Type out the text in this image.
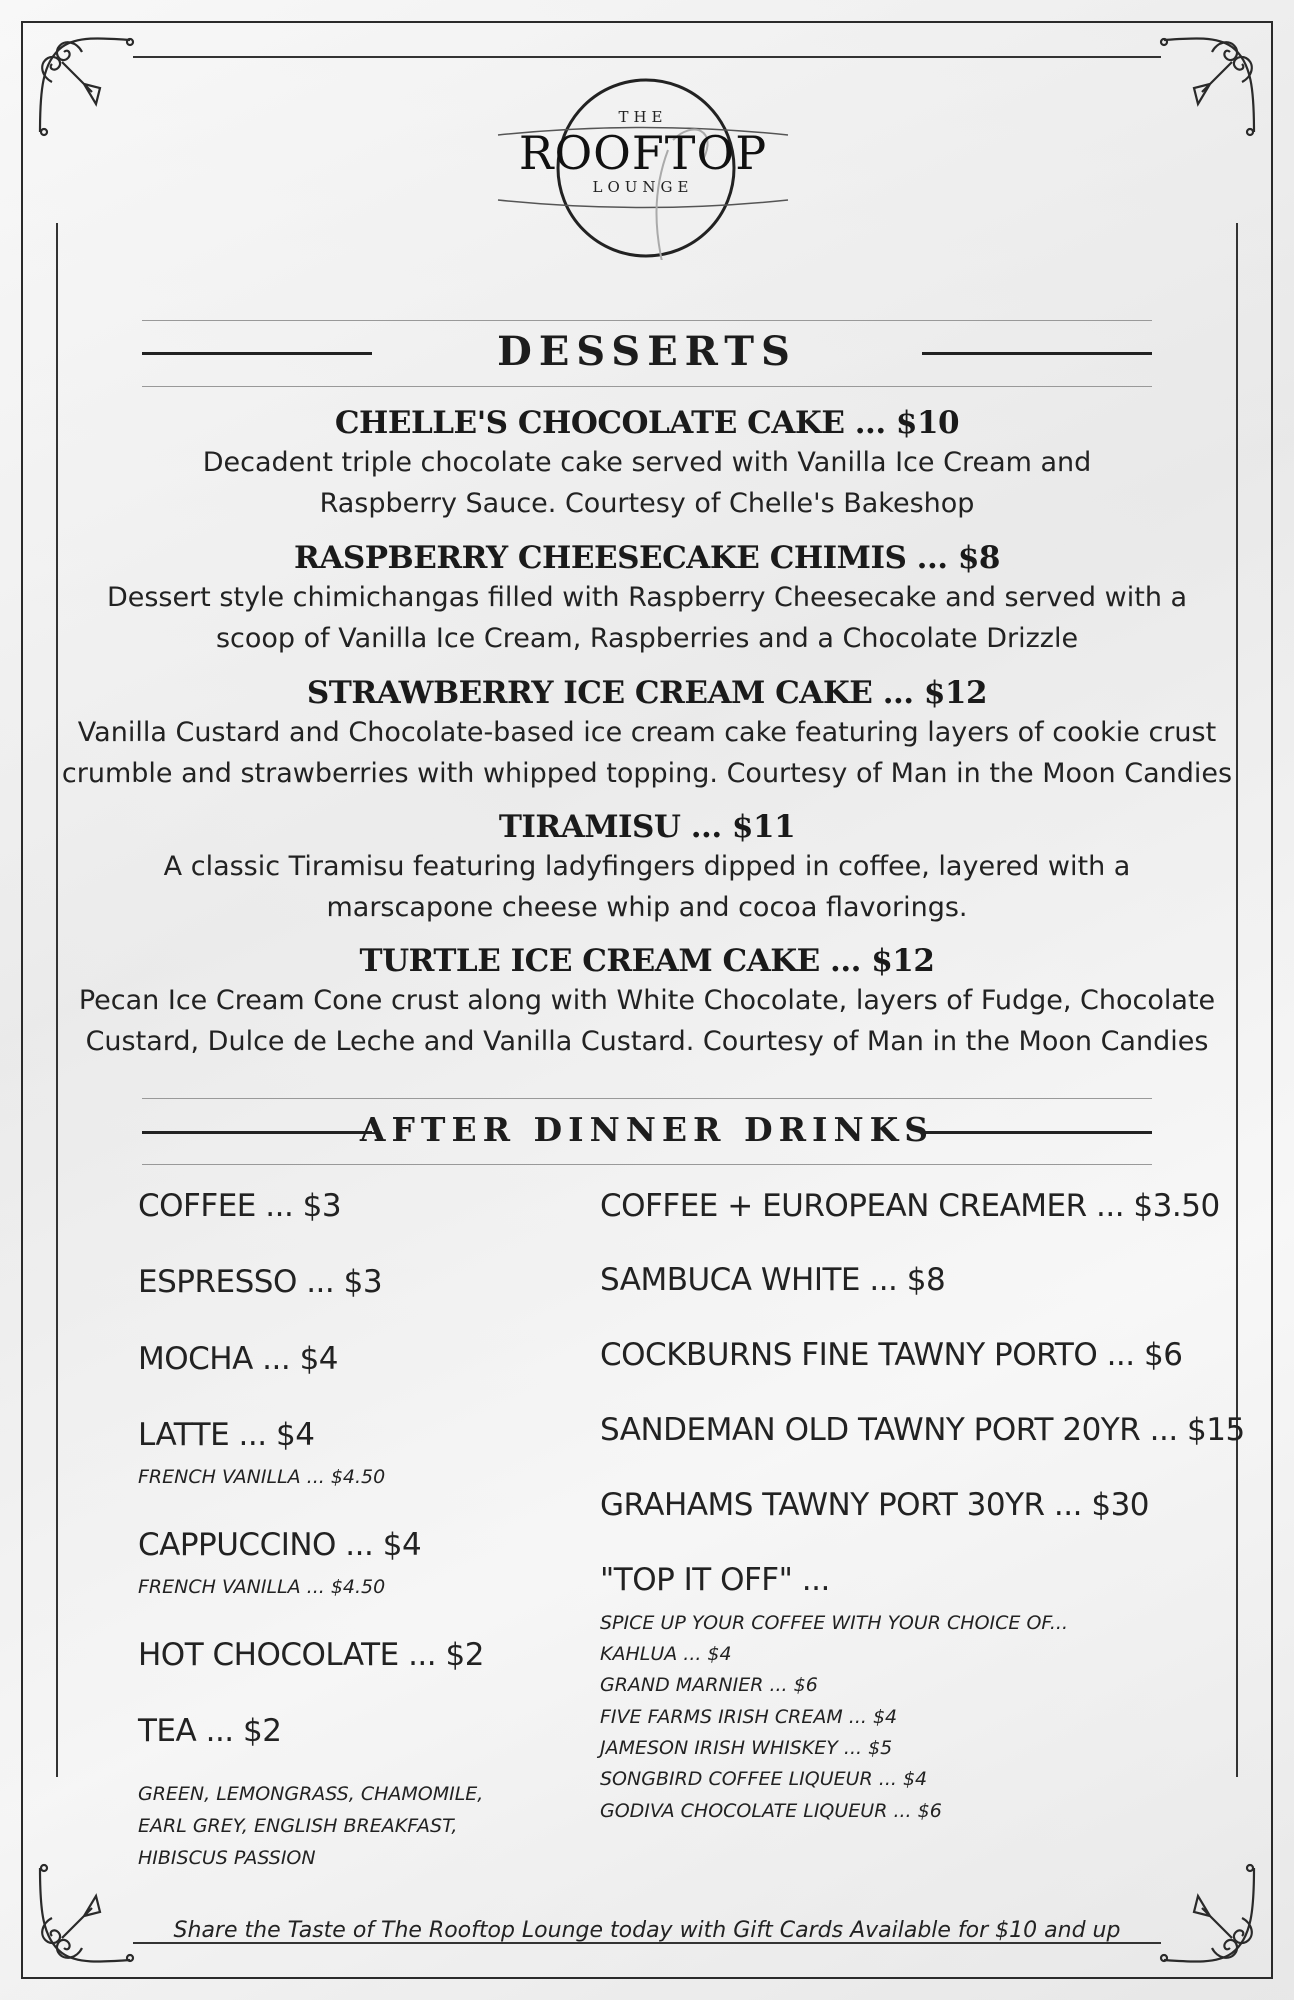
THE
ROOFTOP
LOUNGE
DESSERTS
CHELLE'S CHOCOLATE CAKE ... $10
Decadent triple chocolate cake served with Vanilla Ice Cream and
Raspberry Sauce. Courtesy of Chelle's Bakeshop
RASPBERRY CHEESECAKE CHIMIS ... $8
Dessert style chimichangas filled with Raspberry Cheesecake and served with a
scoop of Vanilla Ice Cream, Raspberries and a Chocolate Drizzle
STRAWBERRY ICE CREAM CAKE ... $12
Vanilla Custard and Chocolate-based ice cream cake featuring layers of cookie crust
crumble and strawberries with whipped topping. Courtesy of Man in the Moon Candies
TIRAMISU ... $11
A classic Tiramisu featuring ladyfingers dipped in coffee, layered with a
marscapone cheese whip and cocoa flavorings.
TURTLE ICE CREAM CAKE ... $12
Pecan Ice Cream Cone crust along with White Chocolate, layers of Fudge, Chocolate
Custard, Dulce de Leche and Vanilla Custard. Courtesy of Man in the Moon Candies
AFTER DINNER DRINKS
COFFEE ... $3
ESPRESSO ... $3
MOCHA ... $4
LATTE ... $4
FRENCH VANILLA ... $4.50
CAPPUCCINO ... $4
FRENCH VANILLA ... $4.50
HOT CHOCOLATE ... $2
TEA ... $2
GREEN, LEMONGRASS, CHAMOMILE,
EARL GREY, ENGLISH BREAKFAST,
HIBISCUS PASSION
COFFEE + EUROPEAN CREAMER ... $3.50
SAMBUCA WHITE ... $8
COCKBURNS FINE TAWNY PORTO ... $6
SANDEMAN OLD TAWNY PORT 20YR ... $15
GRAHAMS TAWNY PORT 30YR ... $30
"TOP IT OFF" ...
SPICE UP YOUR COFFEE WITH YOUR CHOICE OF...
KAHLUA ... $4
GRAND MARNIER ... $6
FIVE FARMS IRISH CREAM ... $4
JAMESON IRISH WHISKEY ... $5
SONGBIRD COFFEE LIQUEUR ... $4
GODIVA CHOCOLATE LIQUEUR ... $6
Share the Taste of The Rooftop Lounge today with Gift Cards Available for $10 and up
